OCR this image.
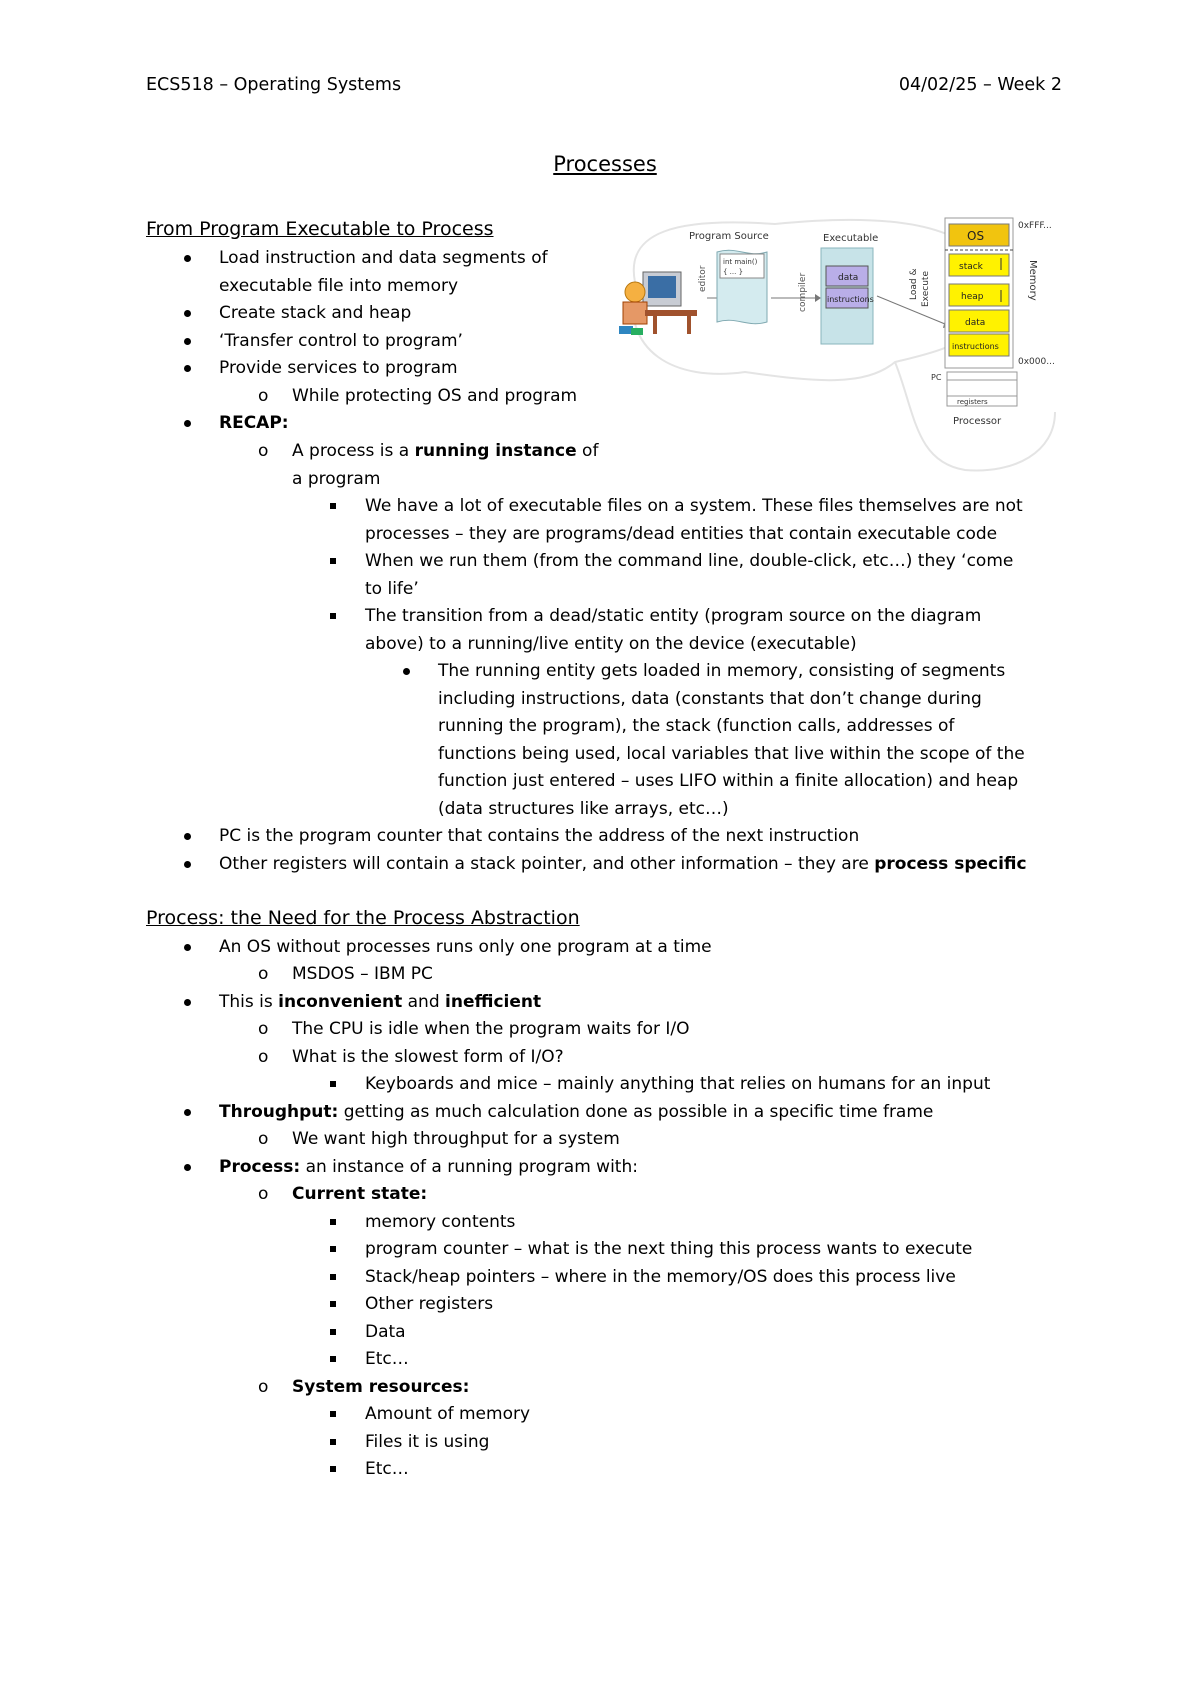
ECS518 – Operating Systems	04/02/25 – Week 2
Processes
From Program Executable to Process
Load instruction and data segments of
executable file into memory
Create stack and heap
‘Transfer control to program’
Provide services to program
o While protecting OS and program
RECAP:
o A process is a running instance of
a program
We have a lot of executable files on a system. These files themselves are not
processes – they are programs/dead entities that contain executable code
When we run them (from the command line, double-click, etc…) they ‘come
to life’
The transition from a dead/static entity (program source on the diagram
above) to a running/live entity on the device (executable)
The running entity gets loaded in memory, consisting of segments
including instructions, data (constants that don’t change during
running the program), the stack (function calls, addresses of
functions being used, local variables that live within the scope of the
function just entered – uses LIFO within a finite allocation) and heap
(data structures like arrays, etc…)
PC is the program counter that contains the address of the next instruction
Other registers will contain a stack pointer, and other information – they are process specific
Process: the Need for the Process Abstraction
An OS without processes runs only one program at a time
o MSDOS – IBM PC
This is inconvenient and inefficient
o The CPU is idle when the program waits for I/O
o What is the slowest form of I/O?
Keyboards and mice – mainly anything that relies on humans for an input
Throughput: getting as much calculation done as possible in a specific time frame
o We want high throughput for a system
Process: an instance of a running program with:
o Current state:
memory contents
program counter – what is the next thing this process wants to execute
Stack/heap pointers – where in the memory/OS does this process live
Other registers
Data
Etc…
o System resources:
Amount of memory
Files it is using
Etc…
editor
Program Source
int main()
{ ... }
compiler
Executable
data
instructions	Load & Execute
OS
stack
heap
data
instructions
0xFFF...
0x000...
Memory
PC
registers
Processor
